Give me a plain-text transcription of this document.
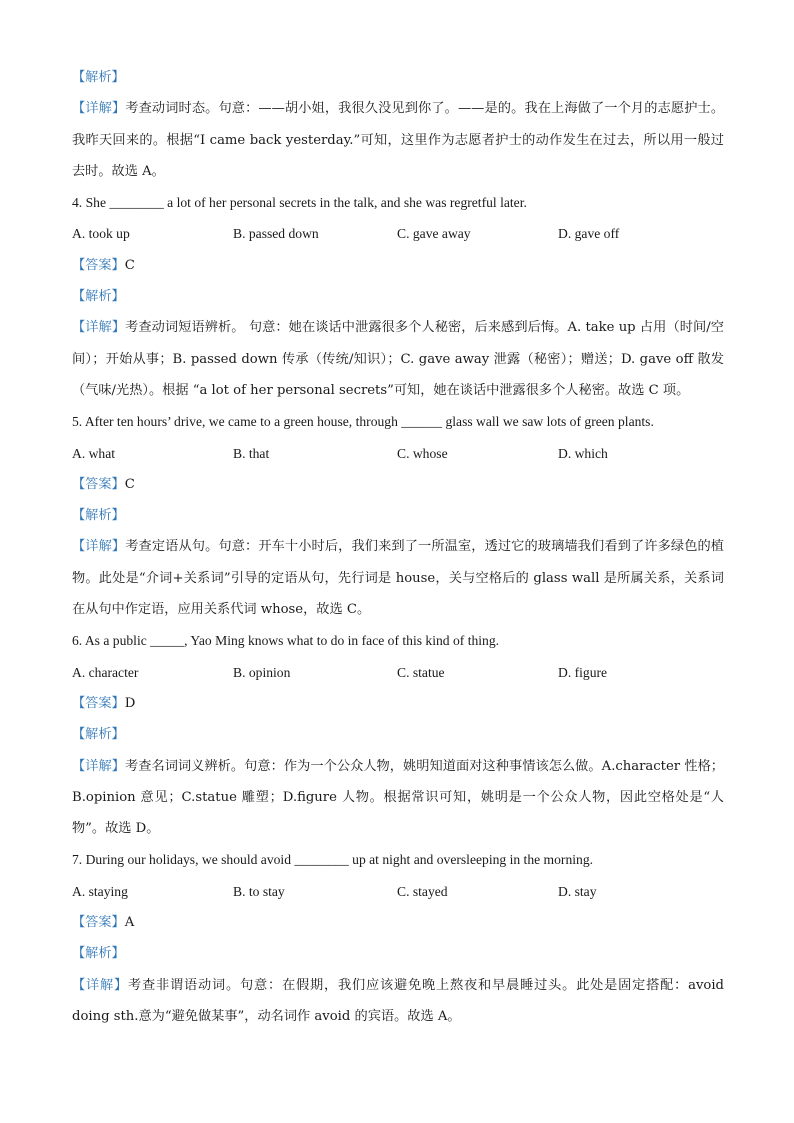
【解析】
【详解】考查动词时态。句意：——胡小姐，我很久没见到你了。——是的。我在上海做了一个月的志愿护士。我昨天回来的。根据“I came back yesterday.”可知，这里作为志愿者护士的动作发生在过去，所以用一般过去时。故选 A。
4. She ________ a lot of her personal secrets in the talk, and she was regretful later.
A. took up	B. passed down	C. gave away	D. gave off
【答案】C
【解析】
【详解】考查动词短语辨析。 句意：她在谈话中泄露很多个人秘密，后来感到后悔。A. take up 占用（时间/空间）；开始从事；B. passed down 传承（传统/知识）；C. gave away 泄露（秘密）；赠送；D. gave off 散发（气味/光热）。根据 “a lot of her personal secrets”可知，她在谈话中泄露很多个人秘密。故选 C 项。
5. After ten hours’ drive, we came to a green house, through ______ glass wall we saw lots of green plants.
A. what	B. that	C. whose	D. which
【答案】C
【解析】
【详解】考查定语从句。句意：开车十小时后，我们来到了一所温室，透过它的玻璃墙我们看到了许多绿色的植物。此处是“介词+关系词”引导的定语从句，先行词是 house，关与空格后的 glass wall 是所属关系，关系词在从句中作定语，应用关系代词 whose，故选 C。
6. As a public _____, Yao Ming knows what to do in face of this kind of thing.
A. character	B. opinion	C. statue	D. figure
【答案】D
【解析】
【详解】考查名词词义辨析。句意：作为一个公众人物，姚明知道面对这种事情该怎么做。A.character 性格；B.opinion 意见；C.statue 雕塑；D.figure 人物。根据常识可知，姚明是一个公众人物，因此空格处是“人物”。故选 D。
7. During our holidays, we should avoid ________ up at night and oversleeping in the morning.
A. staying	B. to stay	C. stayed	D. stay
【答案】A
【解析】
【详解】考查非谓语动词。句意：在假期，我们应该避免晚上熬夜和早晨睡过头。此处是固定搭配：avoid doing sth.意为“避免做某事”，动名词作 avoid 的宾语。故选 A。
